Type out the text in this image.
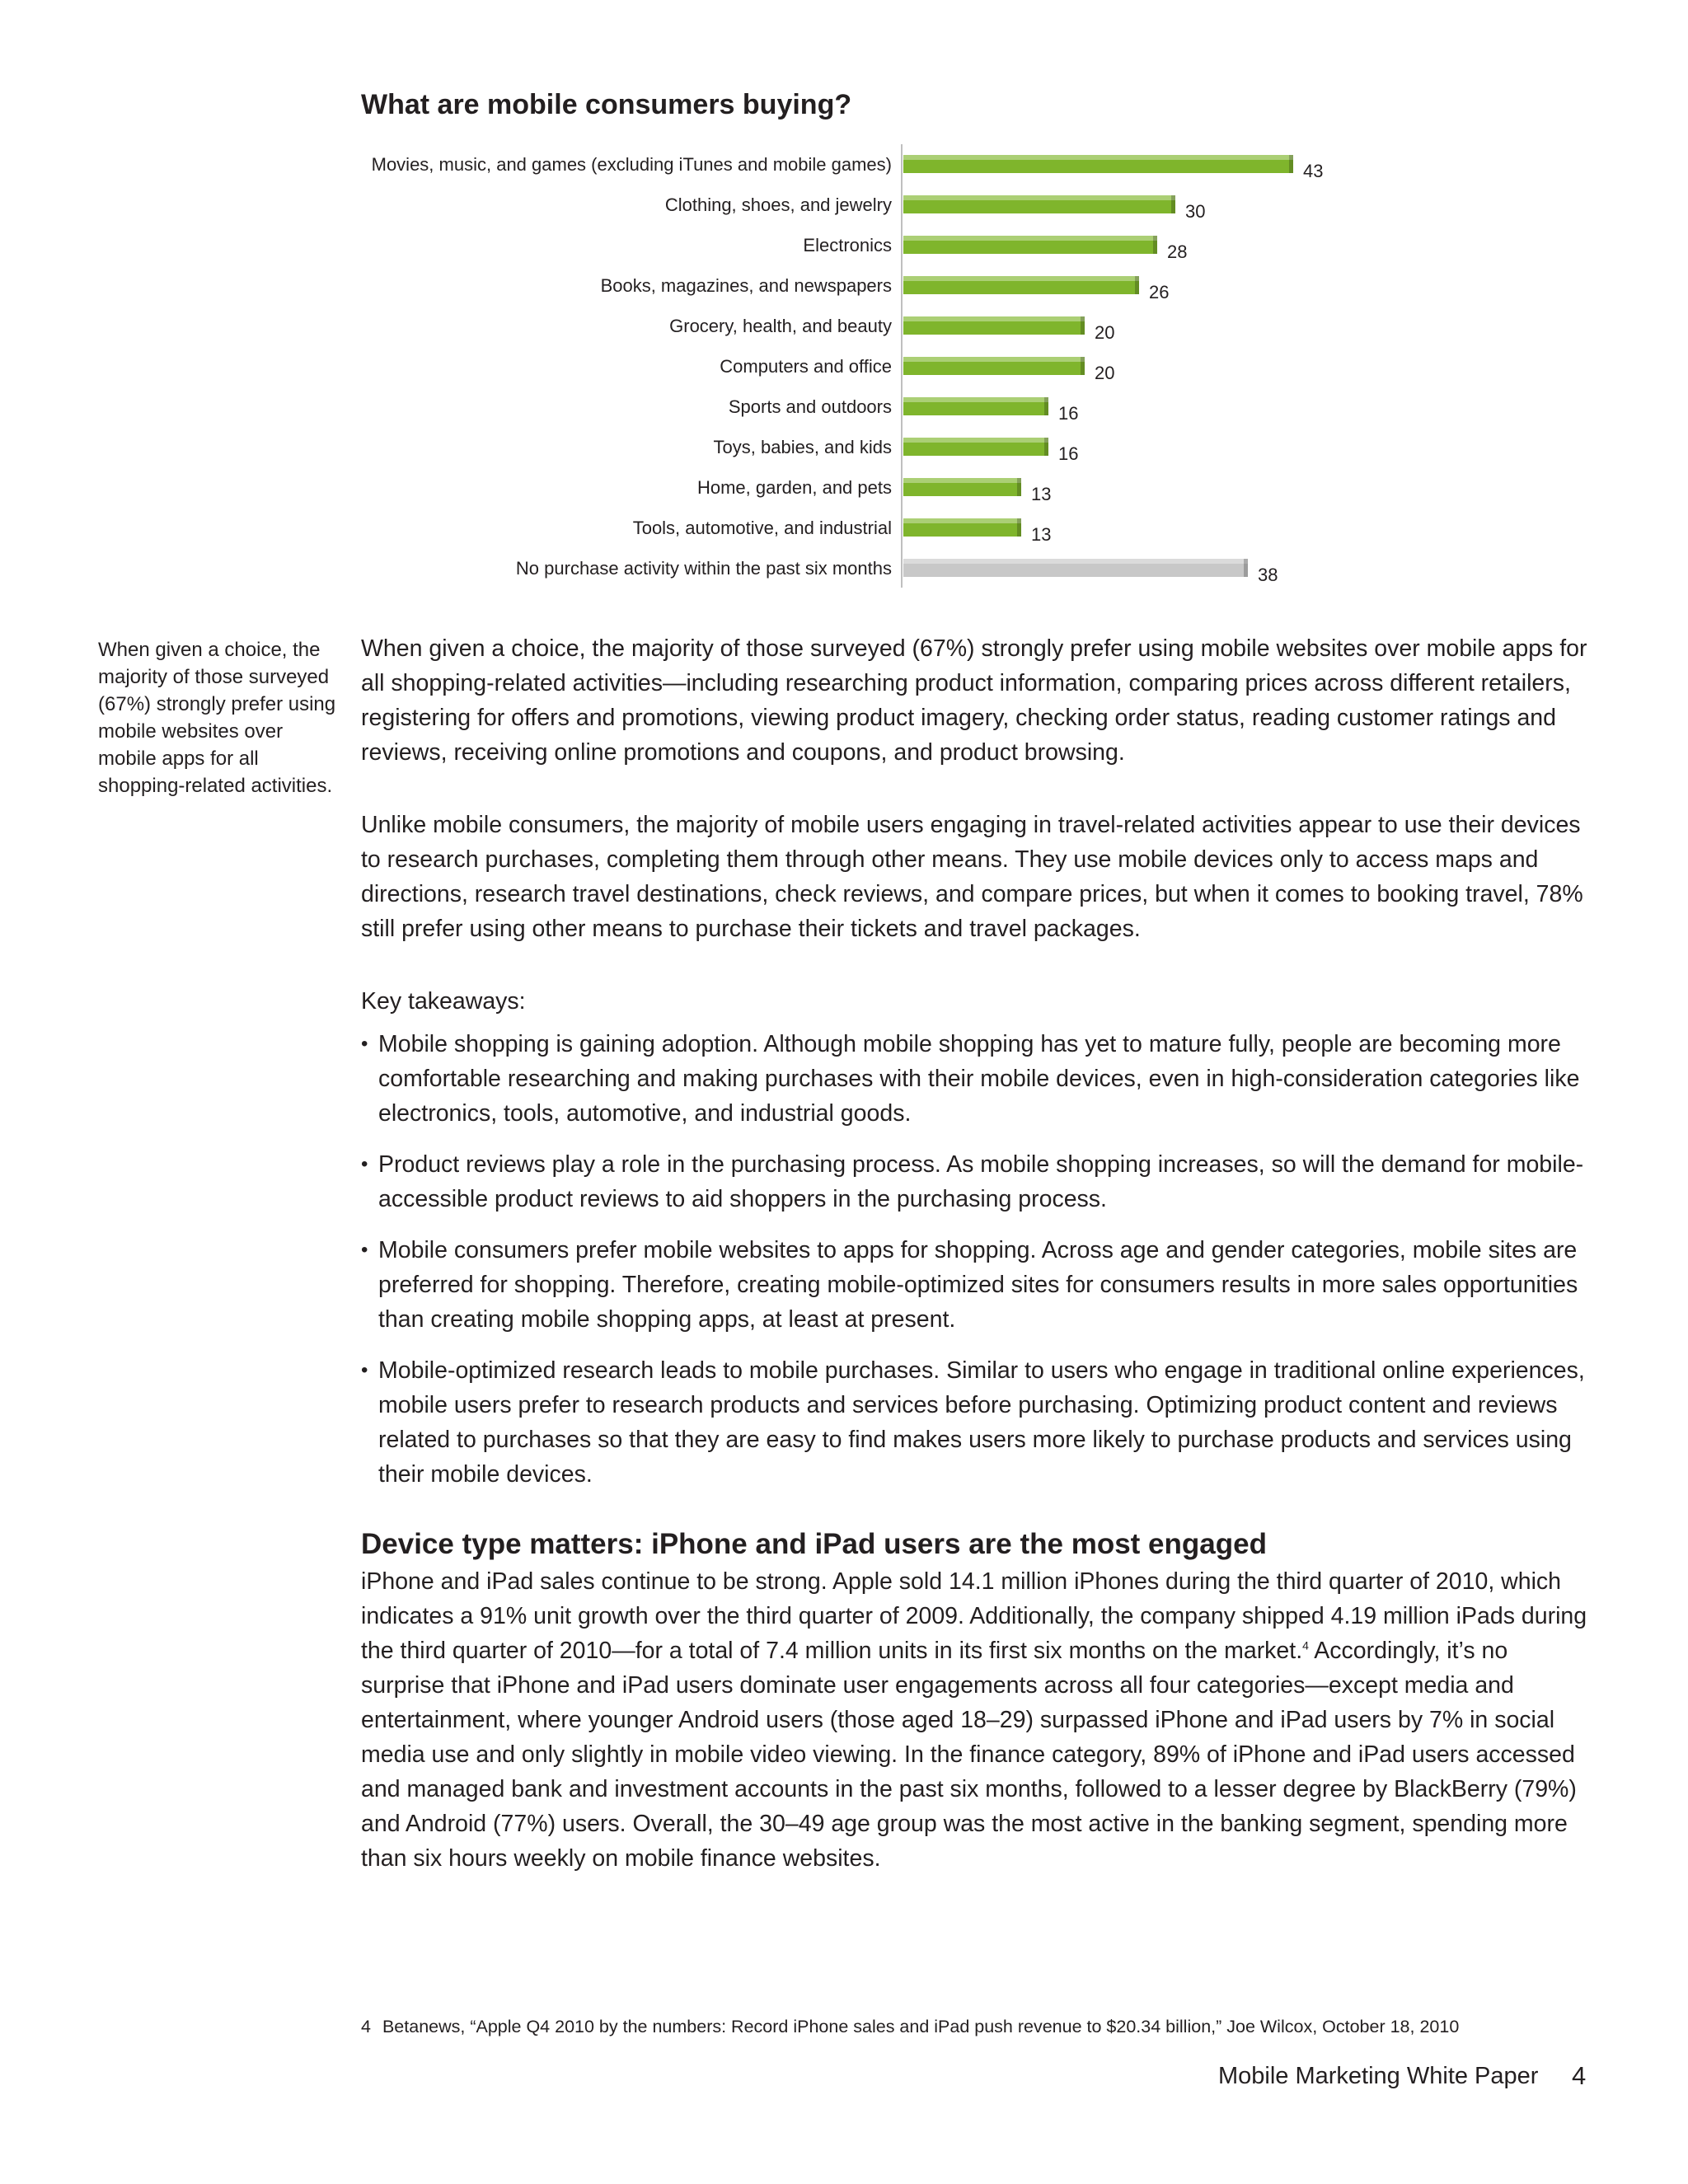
What are mobile consumers buying?
Movies, music, and games (excluding iTunes and mobile games)	43
Clothing, shoes, and jewelry	30
Electronics	28
Books, magazines, and newspapers	26
Grocery, health, and beauty	20
Computers and office	20
Sports and outdoors	16
Toys, babies, and kids	16
Home, garden, and pets	13
Tools, automotive, and industrial	13
No purchase activity within the past six months	38
When given a choice, the majority of those surveyed (67%) strongly prefer using mobile websites over mobile apps for all shopping-related activities.

When given a choice, the majority of those surveyed (67%) strongly prefer using mobile websites over mobile apps for all shopping-related activities—including researching product information, comparing prices across different retailers, registering for offers and promotions, viewing product imagery, checking order status, reading customer ratings and reviews, receiving online promotions and coupons, and product browsing.

Unlike mobile consumers, the majority of mobile users engaging in travel-related activities appear to use their devices to research purchases, completing them through other means. They use mobile devices only to access maps and directions, research travel destinations, check reviews, and compare prices, but when it comes to booking travel, 78% still prefer using other means to purchase their tickets and travel packages.

Key takeaways:

• Mobile shopping is gaining adoption. Although mobile shopping has yet to mature fully, people are becoming more comfortable researching and making purchases with their mobile devices, even in high-consideration categories like electronics, tools, automotive, and industrial goods.
• Product reviews play a role in the purchasing process. As mobile shopping increases, so will the demand for mobile-accessible product reviews to aid shoppers in the purchasing process.
• Mobile consumers prefer mobile websites to apps for shopping. Across age and gender categories, mobile sites are preferred for shopping. Therefore, creating mobile-optimized sites for consumers results in more sales opportunities than creating mobile shopping apps, at least at present.
• Mobile-optimized research leads to mobile purchases. Similar to users who engage in traditional online experiences, mobile users prefer to research products and services before purchasing. Optimizing product content and reviews related to purchases so that they are easy to find makes users more likely to purchase products and services using their mobile devices.
Device type matters: iPhone and iPad users are the most engaged

iPhone and iPad sales continue to be strong. Apple sold 14.1 million iPhones during the third quarter of 2010, which indicates a 91% unit growth over the third quarter of 2009. Additionally, the company shipped 4.19 million iPads during the third quarter of 2010—for a total of 7.4 million units in its first six months on the market.$^4$ Accordingly, it’s no surprise that iPhone and iPad users dominate user engagements across all four categories—except media and entertainment, where younger Android users (those aged 18–29) surpassed iPhone and iPad users by 7% in social media use and only slightly in mobile video viewing. In the finance category, 89% of iPhone and iPad users accessed and managed bank and investment accounts in the past six months, followed to a lesser degree by BlackBerry (79%) and Android (77%) users. Overall, the 30–49 age group was the most active in the banking segment, spending more than six hours weekly on mobile finance websites.

4 Betanews, “Apple Q4 2010 by the numbers: Record iPhone sales and iPad push revenue to $20.34 billion,” Joe Wilcox, October 18, 2010
Mobile Marketing White Paper 4
